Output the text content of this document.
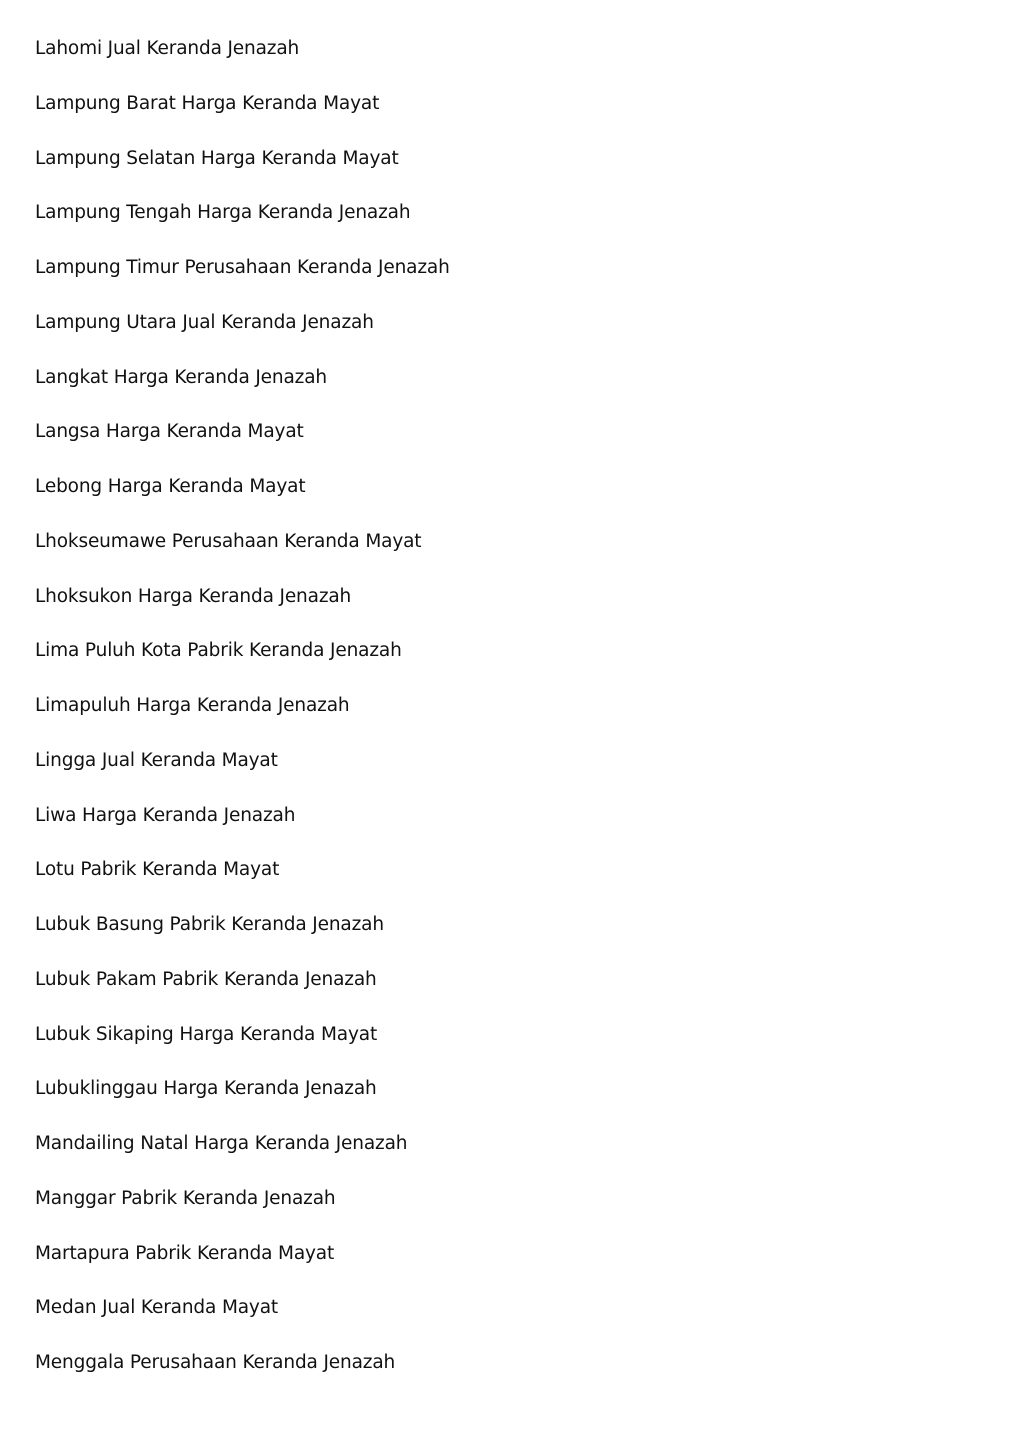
Lahomi Jual Keranda Jenazah
Lampung Barat Harga Keranda Mayat
Lampung Selatan Harga Keranda Mayat
Lampung Tengah Harga Keranda Jenazah
Lampung Timur Perusahaan Keranda Jenazah
Lampung Utara Jual Keranda Jenazah
Langkat Harga Keranda Jenazah
Langsa Harga Keranda Mayat
Lebong Harga Keranda Mayat
Lhokseumawe Perusahaan Keranda Mayat
Lhoksukon Harga Keranda Jenazah
Lima Puluh Kota Pabrik Keranda Jenazah
Limapuluh Harga Keranda Jenazah
Lingga Jual Keranda Mayat
Liwa Harga Keranda Jenazah
Lotu Pabrik Keranda Mayat
Lubuk Basung Pabrik Keranda Jenazah
Lubuk Pakam Pabrik Keranda Jenazah
Lubuk Sikaping Harga Keranda Mayat
Lubuklinggau Harga Keranda Jenazah
Mandailing Natal Harga Keranda Jenazah
Manggar Pabrik Keranda Jenazah
Martapura Pabrik Keranda Mayat
Medan Jual Keranda Mayat
Menggala Perusahaan Keranda Jenazah
